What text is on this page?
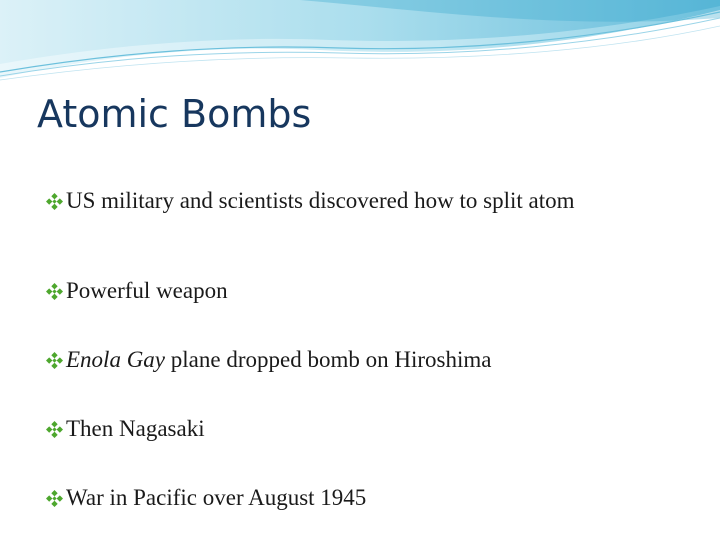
Atomic Bombs
US military and scientists discovered how to split atom
Powerful weapon
Enola Gay plane dropped bomb on Hiroshima
Then Nagasaki
War in Pacific over August 1945
